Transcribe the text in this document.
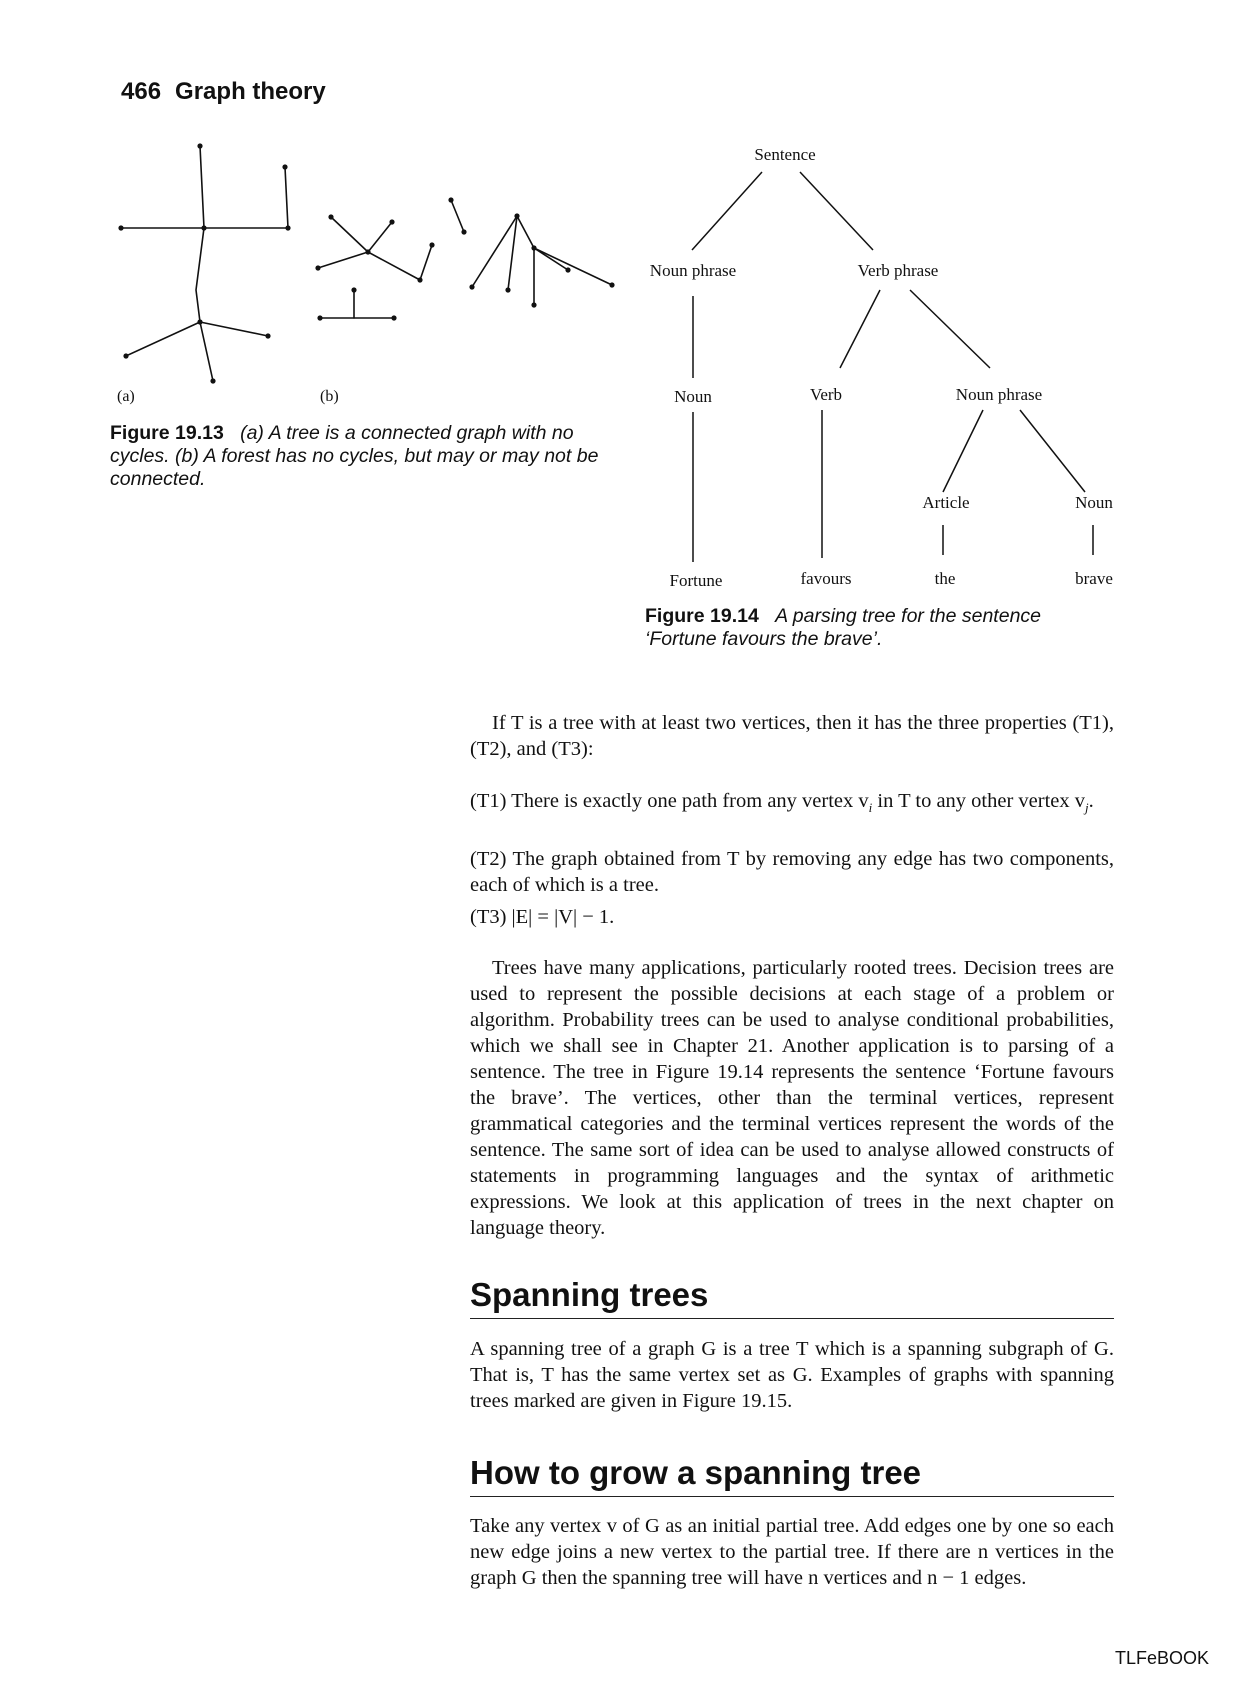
466 Graph theory
(a)	(b)
Figure 19.13 (a) A tree is a connected graph with no cycles. (b) A forest has no cycles, but may or may not be connected.
Sentence
Noun phrase	Verb phrase
Noun	Verb	Noun phrase
Article	Noun
Fortune	favours	the	brave
Figure 19.14 A parsing tree for the sentence ‘Fortune favours the brave’.
If T is a tree with at least two vertices, then it has the three properties (T1), (T2), and (T3):
(T1) There is exactly one path from any vertex $v_i$ in T to any other vertex $v_j$.
(T2) The graph obtained from T by removing any edge has two components, each of which is a tree.
(T3) |E| = |V| − 1.
Trees have many applications, particularly rooted trees. Decision trees are used to represent the possible decisions at each stage of a problem or algorithm. Probability trees can be used to analyse conditional probabilities, which we shall see in Chapter 21. Another application is to parsing of a sentence. The tree in Figure 19.14 represents the sentence ‘Fortune favours the brave’. The vertices, other than the terminal vertices, represent grammatical categories and the terminal vertices represent the words of the sentence. The same sort of idea can be used to analyse allowed constructs of statements in programming languages and the syntax of arithmetic expressions. We look at this application of trees in the next chapter on language theory.
Spanning trees
A spanning tree of a graph G is a tree T which is a spanning subgraph of G. That is, T has the same vertex set as G. Examples of graphs with spanning trees marked are given in Figure 19.15.
How to grow a spanning tree
Take any vertex v of G as an initial partial tree. Add edges one by one so each new edge joins a new vertex to the partial tree. If there are n vertices in the graph G then the spanning tree will have n vertices and n − 1 edges.
TLFeBOOK
